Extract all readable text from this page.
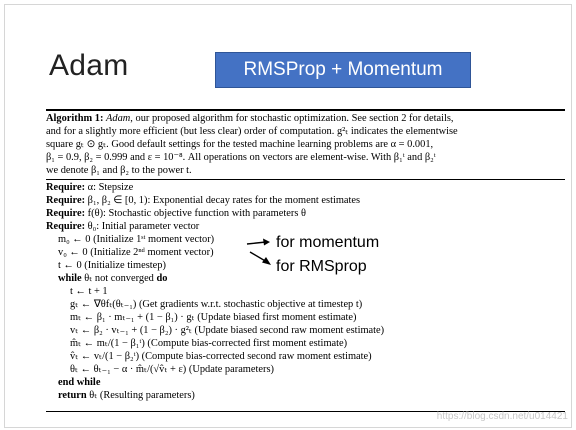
Adam	RMSProp + Momentum
Algorithm 1: Adam, our proposed algorithm for stochastic optimization. See section 2 for details,
and for a slightly more efficient (but less clear) order of computation. g²ₜ indicates the elementwise
square gₜ ⊙ gₜ. Good default settings for the tested machine learning problems are α = 0.001,
β₁ = 0.9, β₂ = 0.999 and ε = 10⁻⁸. All operations on vectors are element-wise. With β₁ᵗ and β₂ᵗ
we denote β₁ and β₂ to the power t.
Require: α: Stepsize
Require: β₁, β₂ ∈ [0, 1): Exponential decay rates for the moment estimates
Require: f(θ): Stochastic objective function with parameters θ
Require: θ₀: Initial parameter vector
m₀ ← 0 (Initialize 1ˢᵗ moment vector)
v₀ ← 0 (Initialize 2ⁿᵈ moment vector)
t ← 0 (Initialize timestep)
while θₜ not converged do
t ← t + 1
gₜ ← ∇θfₜ(θₜ₋₁) (Get gradients w.r.t. stochastic objective at timestep t)
mₜ ← β₁ · mₜ₋₁ + (1 − β₁) · gₜ (Update biased first moment estimate)
vₜ ← β₂ · vₜ₋₁ + (1 − β₂) · g²ₜ (Update biased second raw moment estimate)
m̂ₜ ← mₜ/(1 − β₁ᵗ) (Compute bias-corrected first moment estimate)
v̂ₜ ← vₜ/(1 − β₂ᵗ) (Compute bias-corrected second raw moment estimate)
θₜ ← θₜ₋₁ − α · m̂ₜ/(√v̂ₜ + ε) (Update parameters)
end while
return θₜ (Resulting parameters)
for momentum
for RMSprop
https://blog.csdn.net/u014421
